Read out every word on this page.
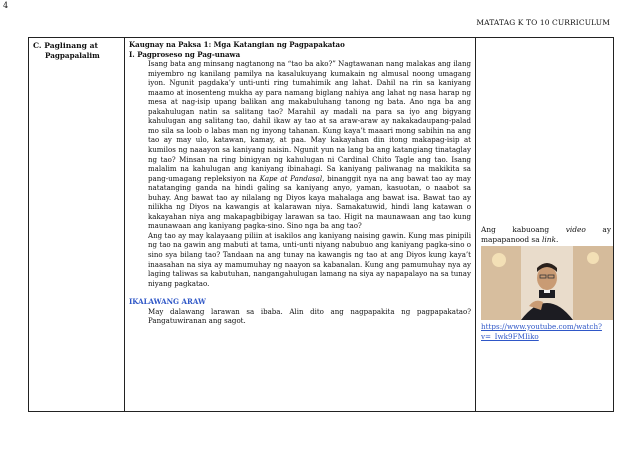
4
MATATAG K TO 10 CURRICULUM
C. Paglinang at
Pagpapalalim
Kaugnay na Paksa 1: Mga Katangian ng Pagpapakatao
I. Pagproseso ng Pag-unawa

Isang bata ang minsang nagtanong na “tao ba ako?” Nagtawanan nang malakas ang ilang miyembro ng kanilang pamilya na kasalukuyang kumakain ng almusal noong umagang iyon. Ngunit pagdaka’y unti-unti ring tumahimik ang lahat. Dahil na rin sa kaniyang maamo at inosenteng mukha ay para namang biglang nahiya ang lahat ng nasa harap ng mesa at nag-isip upang balikan ang makabuluhang tanong ng bata. Ano nga ba ang pakahulugan natin sa salitang tao? Marahil ay madali na para sa iyo ang bigyang kahulugan ang salitang tao, dahil ikaw ay tao at sa araw-araw ay nakakadaupang-palad mo sila sa loob o labas man ng inyong tahanan. Kung kaya’t maaari mong sabihin na ang tao ay may ulo, katawan, kamay, at paa. May kakayahan din itong makapag-isip at kumilos ng naaayon sa kaniyang naisin. Ngunit yun na lang ba ang katangiang tinataglay ng tao? Minsan na ring binigyan ng kahulugan ni Cardinal Chito Tagle ang tao. Isang malalim na kahulugan ang kaniyang ibinahagi. Sa kaniyang paliwanag na makikita sa pang-umagang repleksiyon na Kape at Pandasal, binanggit nya na ang bawat tao ay may natatanging ganda na hindi galing sa kaniyang anyo, yaman, kasuotan, o naabot sa buhay. Ang bawat tao ay nilalang ng Diyos kaya mahalaga ang bawat isa. Bawat tao ay nilikha ng Diyos na kawangis at kalarawan niya. Samakatuwid, hindi lang katawan o kakayahan niya ang makapagbibigay larawan sa tao. Higit na maunawaan ang tao kung maunawaan ang kaniyang pagka-sino. Sino nga ba ang tao?

Ang tao ay may kalayaang piliin at isakilos ang kaniyang naising gawin. Kung mas pinipili ng tao na gawin ang mabuti at tama, unti-unti niyang nabubuo ang kaniyang pagka-sino o sino sya bilang tao? Tandaan na ang tunay na kawangis ng tao at ang Diyos kung kaya’t inaasahan na siya ay mamumuhay ng naayon sa kabanalan. Kung ang pamumuhay nya ay laging taliwas sa kabutuhan, nangangahulugan lamang na siya ay napapalayo na sa tunay niyang pagkatao.

IKALAWANG ARAW

May dalawang larawan sa ibaba. Alin dito ang nagpapakita ng pagpapakatao? Pangatuwiranan ang sagot.

Ang kabuoang video ay mapapanood sa link.
https://www.youtube.com/watch?v=_Iwk9FMIiko
